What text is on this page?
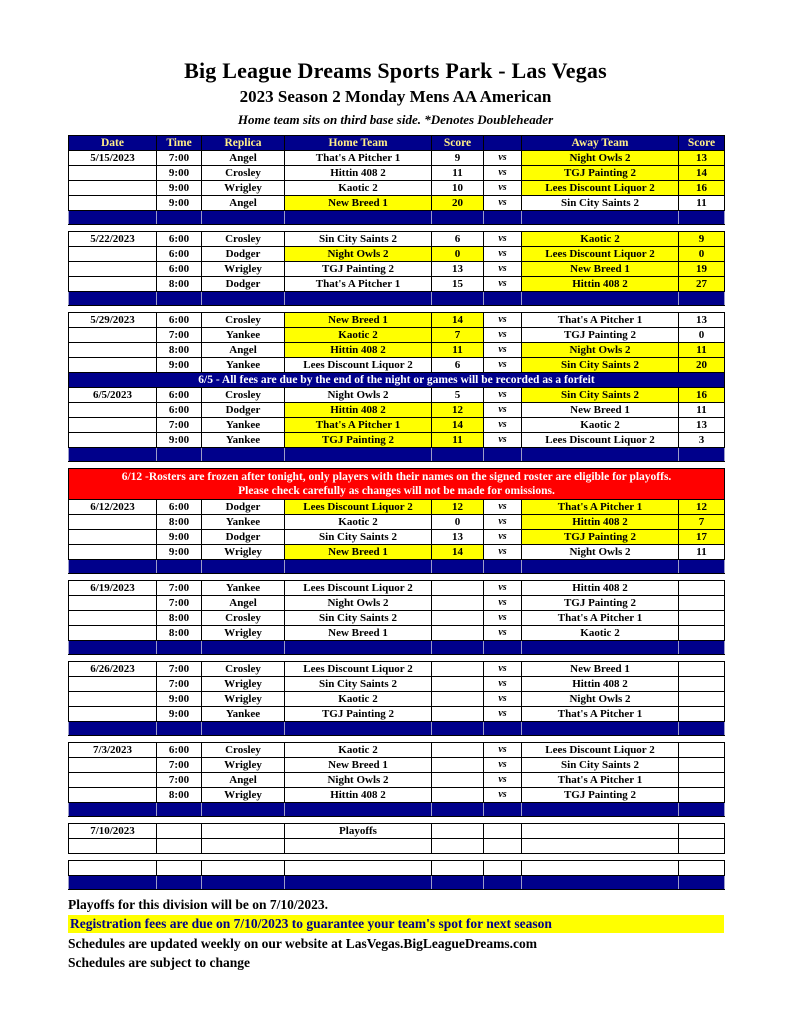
Big League Dreams Sports Park - Las Vegas
2023 Season 2 Monday Mens AA American
Home team sits on third base side. *Denotes Doubleheader
Date	Time	Replica	Home Team	Score		Away Team	Score
5/15/2023	7:00	Angel	That's A Pitcher 1	9	vs	Night Owls 2	13
	9:00	Crosley	Hittin 408 2	11	vs	TGJ Painting 2	14
	9:00	Wrigley	Kaotic 2	10	vs	Lees Discount Liquor 2	16
	9:00	Angel	New Breed 1	20	vs	Sin City Saints 2	11

5/22/2023	6:00	Crosley	Sin City Saints 2	6	vs	Kaotic 2	9
	6:00	Dodger	Night Owls 2	0	vs	Lees Discount Liquor 2	0
	6:00	Wrigley	TGJ Painting 2	13	vs	New Breed 1	19
	8:00	Dodger	That's A Pitcher 1	15	vs	Hittin 408 2	27

5/29/2023	6:00	Crosley	New Breed 1	14	vs	That's A Pitcher 1	13
	7:00	Yankee	Kaotic 2	7	vs	TGJ Painting 2	0
	8:00	Angel	Hittin 408 2	11	vs	Night Owls 2	11
	9:00	Yankee	Lees Discount Liquor 2	6	vs	Sin City Saints 2	20
6/5 - All fees are due by the end of the night or games will be recorded as a forfeit							
6/5/2023	6:00	Crosley	Night Owls 2	5	vs	Sin City Saints 2	16
	6:00	Dodger	Hittin 408 2	12	vs	New Breed 1	11
	7:00	Yankee	That's A Pitcher 1	14	vs	Kaotic 2	13
	9:00	Yankee	TGJ Painting 2	11	vs	Lees Discount Liquor 2	3

6/12 -Rosters are frozen after tonight, only players with their names on the signed roster are eligible for playoffs.
Please check carefully as changes will not be made for omissions.							

6/12/2023	6:00	Dodger	Lees Discount Liquor 2	12	vs	That's A Pitcher 1	12
	8:00	Yankee	Kaotic 2	0	vs	Hittin 408 2	7
	9:00	Dodger	Sin City Saints 2	13	vs	TGJ Painting 2	17
	9:00	Wrigley	New Breed 1	14	vs	Night Owls 2	11

6/19/2023	7:00	Yankee	Lees Discount Liquor 2		vs	Hittin 408 2	
	7:00	Angel	Night Owls 2		vs	TGJ Painting 2	
	8:00	Crosley	Sin City Saints 2		vs	That's A Pitcher 1	
	8:00	Wrigley	New Breed 1		vs	Kaotic 2	

6/26/2023	7:00	Crosley	Lees Discount Liquor 2		vs	New Breed 1	
	7:00	Wrigley	Sin City Saints 2		vs	Hittin 408 2	
	9:00	Wrigley	Kaotic 2		vs	Night Owls 2	
	9:00	Yankee	TGJ Painting 2		vs	That's A Pitcher 1	

7/3/2023	6:00	Crosley	Kaotic 2		vs	Lees Discount Liquor 2	
	7:00	Wrigley	New Breed 1		vs	Sin City Saints 2	
	7:00	Angel	Night Owls 2		vs	That's A Pitcher 1	
	8:00	Wrigley	Hittin 408 2		vs	TGJ Painting 2	

7/10/2023			Playoffs				

Playoffs for this division will be on 7/10/2023.
Registration fees are due on 7/10/2023 to guarantee your team's spot for next season
Schedules are updated weekly on our website at LasVegas.BigLeagueDreams.com
Schedules are subject to change
